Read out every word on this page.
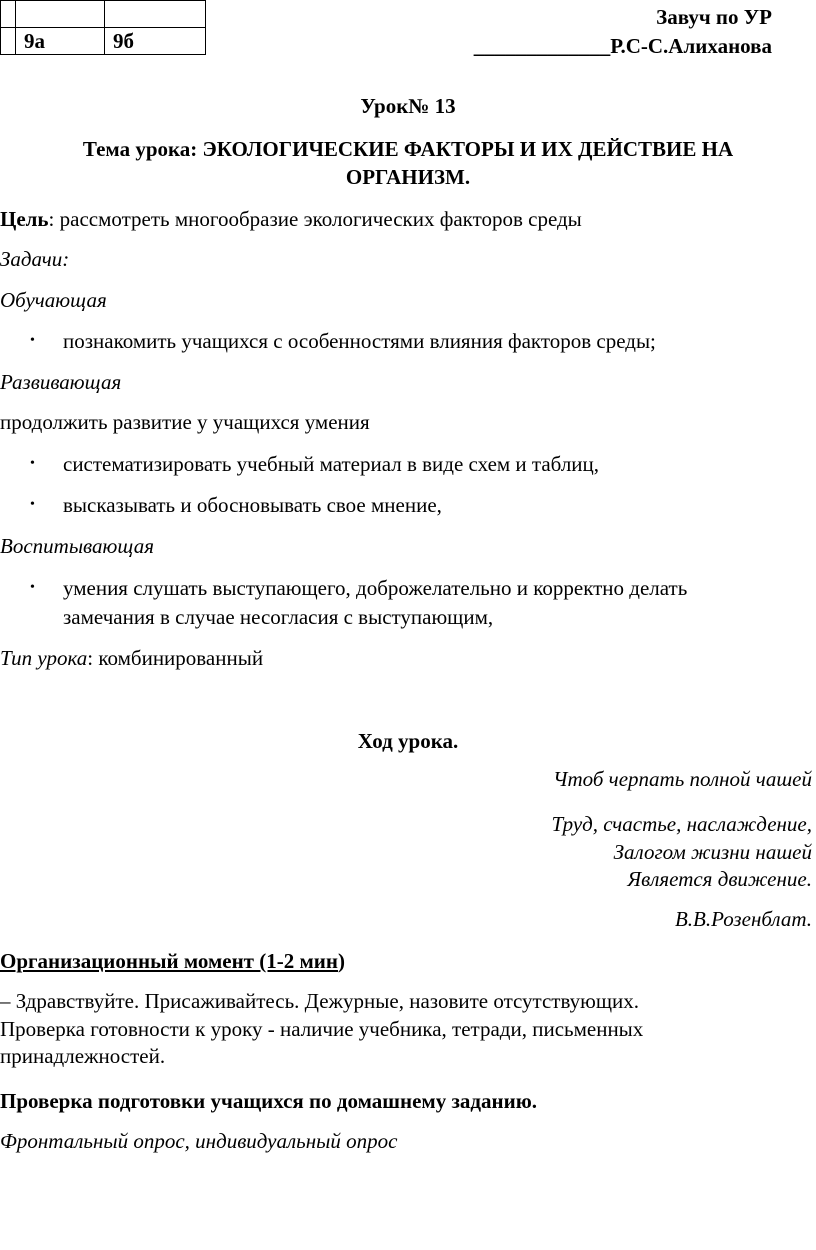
	9а	9б
Завуч по УР
_____________Р.С-С.Алиханова
Урок№ 13
Тема урока: ЭКОЛОГИЧЕСКИЕ ФАКТОРЫ И ИХ ДЕЙСТВИЕ НА
ОРГАНИЗМ.
Цель: рассмотреть многообразие экологических факторов среды
Задачи:
Обучающая
• познакомить учащихся с особенностями влияния факторов среды;
Развивающая
продолжить развитие у учащихся умения
• систематизировать учебный материал в виде схем и таблиц,
• высказывать и обосновывать свое мнение,
Воспитывающая
• умения слушать выступающего, доброжелательно и корректно делать
замечания в случае несогласия с выступающим,
Тип урока: комбинированный
Ход урока.
Чтоб черпать полной чашей
Труд, счастье, наслаждение,
Залогом жизни нашей
Является движение.
В.В.Розенблат.
Организационный момент (1-2 мин)
– Здравствуйте. Присаживайтесь. Дежурные, назовите отсутствующих.
Проверка готовности к уроку - наличие учебника, тетради, письменных
принадлежностей.
Проверка подготовки учащихся по домашнему заданию.
Фронтальный опрос, индивидуальный опрос
